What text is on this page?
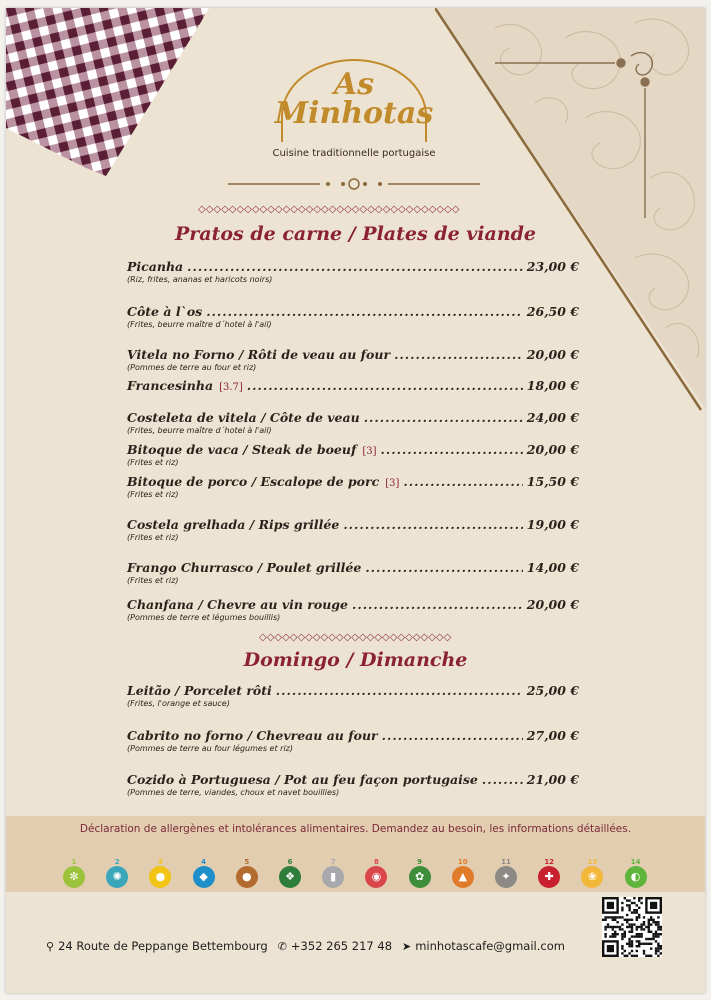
As
Minhotas
Cuisine traditionnelle portugaise
◇◇◇◇◇◇◇◇◇◇◇◇◇◇◇◇◇◇◇◇◇◇◇◇◇◇◇◇◇◇◇◇◇◇
Pratos de carne / Plates de viande
Picanha .....	23,00 €
(Riz, frites, ananas et haricots noirs)
Côte à l`os .....	26,50 €
(Frites, beurre maître d´hotel à l'ail)
Vitela no Forno / Rôti de veau au four .....	20,00 €
(Pommes de terre au four et riz)
Francesinha [3.7] .....	18,00 €
Costeleta de vitela / Côte de veau .....	24,00 €
(Frites, beurre maître d´hotel à l'ail)
Bitoque de vaca / Steak de boeuf [3] .....	20,00 €
(Frites et riz)
Bitoque de porco / Escalope de porc [3] .....	15,50 €
(Frites et riz)
Costela grelhada / Rips grillée .....	19,00 €
(Frites et riz)
Frango Churrasco / Poulet grillée .....	14,00 €
(Frites et riz)
Chanfana / Chevre au vin rouge .....	20,00 €
(Pommes de terre et légumes bouillis)
◇◇◇◇◇◇◇◇◇◇◇◇◇◇◇◇◇◇◇◇◇◇◇◇◇
Domingo / Dimanche
Leitão / Porcelet rôti .....	25,00 €
(Frites, l'orange et sauce)
Cabrito no forno / Chevreau au four .....	27,00 €
(Pommes de terre au four légumes et riz)
Cozido à Portuguesa / Pot au feu façon portugaise .....	21,00 €
(Pommes de terre, viandes, choux et navet bouillies)
Déclaration de allergènes et intolérances alimentaires. Demandez au besoin, les informations détaillées.
1
✼
2
✺
3
●
4
◆
5
●
6
❖
7
▮
8
◉
9
✿
10
▲
11
✦
12
✚
13
❀
14
◐
⚲ 24 Route de Peppange Bettembourg ✆ +352 265 217 48 ➤ minhotascafe@gmail.com
